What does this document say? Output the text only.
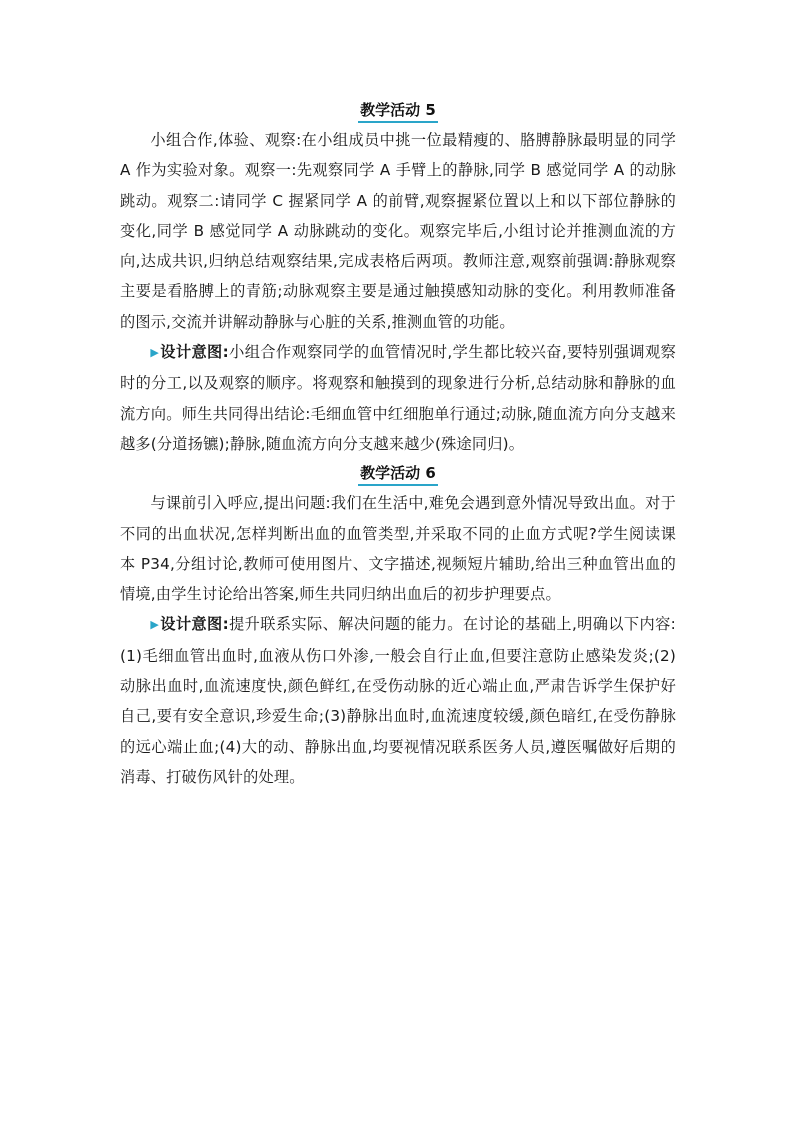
教学活动 5

小组合作,体验、观察:在小组成员中挑一位最精瘦的、胳膊静脉最明显的同学 A 作为实验对象。观察一:先观察同学 A 手臂上的静脉,同学 B 感觉同学 A 的动脉跳动。观察二:请同学 C 握紧同学 A 的前臂,观察握紧位置以上和以下部位静脉的变化,同学 B 感觉同学 A 动脉跳动的变化。观察完毕后,小组讨论并推测血流的方向,达成共识,归纳总结观察结果,完成表格后两项。教师注意,观察前强调:静脉观察主要是看胳膊上的青筋;动脉观察主要是通过触摸感知动脉的变化。利用教师准备的图示,交流并讲解动静脉与心脏的关系,推测血管的功能。

▶设计意图:小组合作观察同学的血管情况时,学生都比较兴奋,要特别强调观察时的分工,以及观察的顺序。将观察和触摸到的现象进行分析,总结动脉和静脉的血流方向。师生共同得出结论:毛细血管中红细胞单行通过;动脉,随血流方向分支越来越多(分道扬镳);静脉,随血流方向分支越来越少(殊途同归)。

教学活动 6

与课前引入呼应,提出问题:我们在生活中,难免会遇到意外情况导致出血。对于不同的出血状况,怎样判断出血的血管类型,并采取不同的止血方式呢?学生阅读课本 P34,分组讨论,教师可使用图片、文字描述,视频短片辅助,给出三种血管出血的情境,由学生讨论给出答案,师生共同归纳出血后的初步护理要点。

▶设计意图:提升联系实际、解决问题的能力。在讨论的基础上,明确以下内容:(1)毛细血管出血时,血液从伤口外渗,一般会自行止血,但要注意防止感染发炎;(2)动脉出血时,血流速度快,颜色鲜红,在受伤动脉的近心端止血,严肃告诉学生保护好自己,要有安全意识,珍爱生命;(3)静脉出血时,血流速度较缓,颜色暗红,在受伤静脉的远心端止血;(4)大的动、静脉出血,均要视情况联系医务人员,遵医嘱做好后期的消毒、打破伤风针的处理。
